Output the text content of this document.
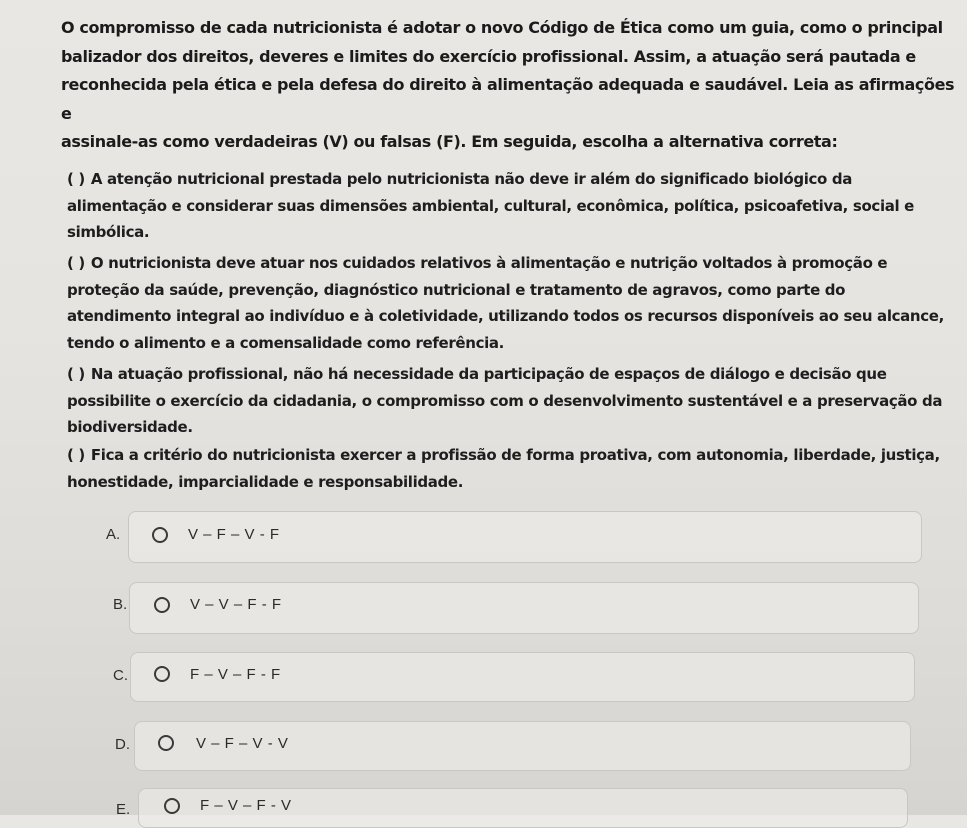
O compromisso de cada nutricionista é adotar o novo Código de Ética como um guia, como o principal

balizador dos direitos, deveres e limites do exercício profissional. Assim, a atuação será pautada e

reconhecida pela ética e pela defesa do direito à alimentação adequada e saudável. Leia as afirmações e

assinale-as como verdadeiras (V) ou falsas (F). Em seguida, escolha a alternativa correta:

( ) A atenção nutricional prestada pelo nutricionista não deve ir além do significado biológico da
alimentação e considerar suas dimensões ambiental, cultural, econômica, política, psicoafetiva, social e
simbólica.
( ) O nutricionista deve atuar nos cuidados relativos à alimentação e nutrição voltados à promoção e
proteção da saúde, prevenção, diagnóstico nutricional e tratamento de agravos, como parte do
atendimento integral ao indivíduo e à coletividade, utilizando todos os recursos disponíveis ao seu alcance,
tendo o alimento e a comensalidade como referência.
( ) Na atuação profissional, não há necessidade da participação de espaços de diálogo e decisão que
possibilite o exercício da cidadania, o compromisso com o desenvolvimento sustentável e a preservação da
biodiversidade.
( ) Fica a critério do nutricionista exercer a profissão de forma proativa, com autonomia, liberdade, justiça,
honestidade, imparcialidade e responsabilidade.
A.	V – F – V - F
B.	V – V – F - F
C.	F – V – F - F
D.	V – F – V - V
E.	F – V – F - V
